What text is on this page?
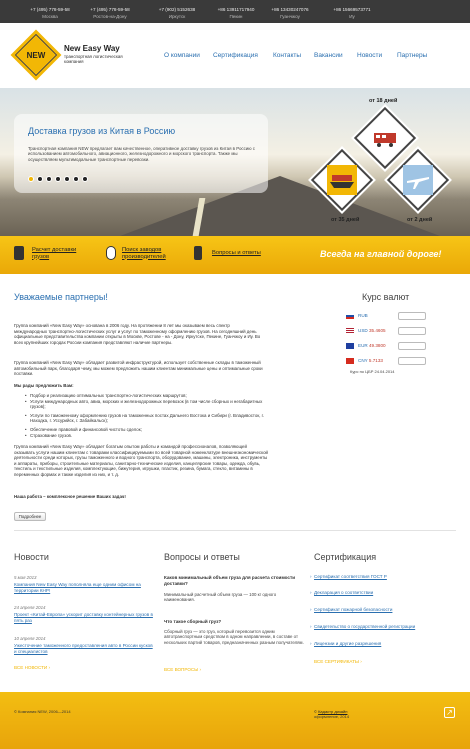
+7 (495) 778-59-58
Москва
+7 (495) 778-59-58
Ростов-на-Дону
+7 (902) 5152638
Иркутск
+86 13911717940
Пекин
+86 13430247076
Гуанчжоу
+86 15669573771
Иу
NEW
New Easy Way
транспортная логистическая компания
О компании Сертификация Контакты Вакансии Новости Партнеры
Доставка грузов из Китая в Россию
Транспортная компания NEW предлагает вам качественное, оперативное доставку грузов из Китая в Россию с использованием автомобильного, авиационного, железнодорожного и морского транспорта. Также мы осуществляем мультимодальные транспортные перевозки.
от 18 дней
от 35 дней	от 2 дней
Расчет доставки грузов
Поиск заводов производителей
Вопросы и ответы	Всегда на главной дороге!
Уважаемые партнеры!
Группа компаний «New Easy Way» основана в 2006 году. На протяжении 8 лет мы оказываем весь спектр международных транспортно-логистических услуг и услуг по таможенному оформлению грузов. На сегодняшний день официальные представительства компании открыты в Москве, Ростове - на - Дону, Иркутске, Пекине, Гуанчжоу и Иу. Во всех крупнейших городах России компания представляют наличие партнеры.
Группа компаний «New Easy Way» обладает развитой инфраструктурой, использует собственные склады в таможенный автомобильный парк, благодаря чему, мы можем предложить нашим клиентам минимальные цены и оптимальные сроки поставки.
Мы рады предложить Вам:
• Подбор и реализацию оптимальных транспортно-логистических маршрутов;
• Услуги международных авто, авиа, морских и железнодорожных перевозок (в том числе сборных и негабаритных грузов);
• Услуги по таможенному оформлению грузов на таможенных постах Дальнего Востока и Сибири (г. Владивосток, г. Находка, г. Уссурийск, г. Забайкальск);
• Обеспечение правовой и финансовой чистоты сделок;
• Страхование грузов.
Группа компаний «New Easy Way» обладает богатым опытом работы и командой профессионалов, позволяющей оказывать услуги нашим клиентам с товарами классифицируемыми по всей товарной номенклатуре внешнеэкономической деятельности среди которых, грузы таможенного и водного транспорта, оборудование, машины, электроника, инструменты и аппараты, приборы, строительные материалы, санитарно-технические изделия, канцелярские товары, одежда, обувь, текстиль и текстильные изделия, комплектующие, бижутерия, игрушки, пластик, резина, бумага, стекло, витамины в переменных формах и также изделия из них, и т. д.
Наша работа – комплексное решение Ваших задач!
Подробнее
Курс валют
RUB
USD 35.4605
EUR 49.3800
CNY 5.7133
Курс по ЦБР 24.04.2014
Новости
5 мая 2013
Компания New Easy Way пополняла еще одним офисом на территории КНР!
24 апреля 2014
Проект «Китай-Европа» ускорит доставку контейнерных грузов в пять раз
10 апреля 2014
Ужесточение таможенного предоставления авто в России кусков и специалистов
ВСЕ НОВОСТИ ›
Вопросы и ответы
Каков минимальный объем груза для расчета стоимости доставки?
Минимальный расчетный объем груза — 100 кг одного наименования.
Что такое сборный груз?
Сборный груз — это груз, который перевозится одним автотранспортным средством в одном направлении, в составе от нескольких партий товаров, предназначенных разным получателям.
ВСЕ ВОПРОСЫ ›
Сертификация
› Сертификат соответствия ГОСТ Р
› Декларация о соответствии
› Сертификат пожарной безопасности
› Свидетельство о государственной регистрации
› Лицензии и другие разрешения
ВСЕ СЕРТИФИКАТЫ ›
© Компания NEW, 2006—2014	© Кадастр дизайн
оформление, 2014	↗
